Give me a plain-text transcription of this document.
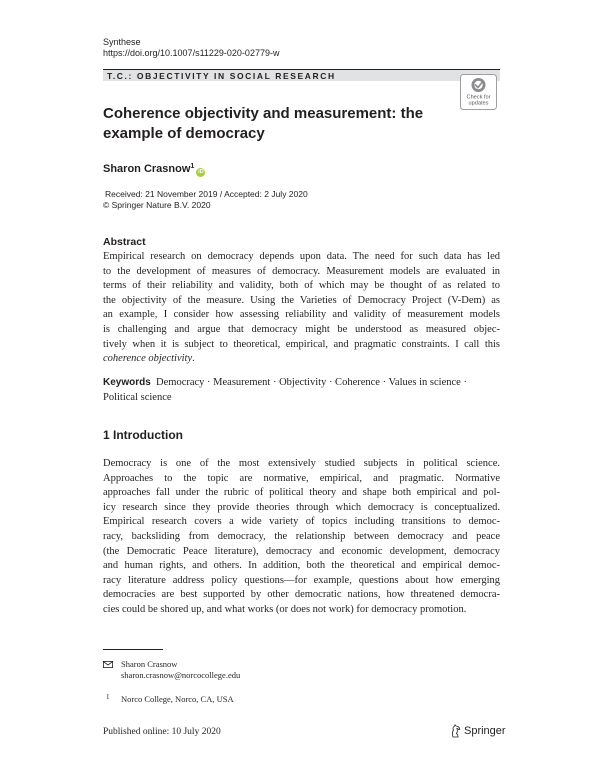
Synthese
https://doi.org/10.1007/s11229-020-02779-w
T.C.: OBJECTIVITY IN SOCIAL RESEARCH
Check for
updates
Coherence objectivity and measurement: the example of democracy
Sharon Crasnow$^1$iD
Received: 21 November 2019 / Accepted: 2 July 2020
© Springer Nature B.V. 2020
Abstract
Empirical research on democracy depends upon data. The need for such data has led
to the development of measures of democracy. Measurement models are evaluated in
terms of their reliability and validity, both of which may be thought of as related to
the objectivity of the measure. Using the Varieties of Democracy Project (V-Dem) as
an example, I consider how assessing reliability and validity of measurement models
is challenging and argue that democracy might be understood as measured objec-
tively when it is subject to theoretical, empirical, and pragmatic constraints. I call this
coherence objectivity.
Keywords Democracy · Measurement · Objectivity · Coherence · Values in science · Political science
1 Introduction
Democracy is one of the most extensively studied subjects in political science.
Approaches to the topic are normative, empirical, and pragmatic. Normative
approaches fall under the rubric of political theory and shape both empirical and pol-
icy research since they provide theories through which democracy is conceptualized.
Empirical research covers a wide variety of topics including transitions to democ-
racy, backsliding from democracy, the relationship between democracy and peace
(the Democratic Peace literature), democracy and economic development, democracy
and human rights, and others. In addition, both the theoretical and empirical democ-
racy literature address policy questions—for example, questions about how emerging
democracies are best supported by other democratic nations, how threatened democra-
cies could be shored up, and what works (or does not work) for democracy promotion.
Sharon Crasnow
sharon.crasnow@norcocollege.edu
1 Norco College, Norco, CA, USA
Published online: 10 July 2020	Springer
